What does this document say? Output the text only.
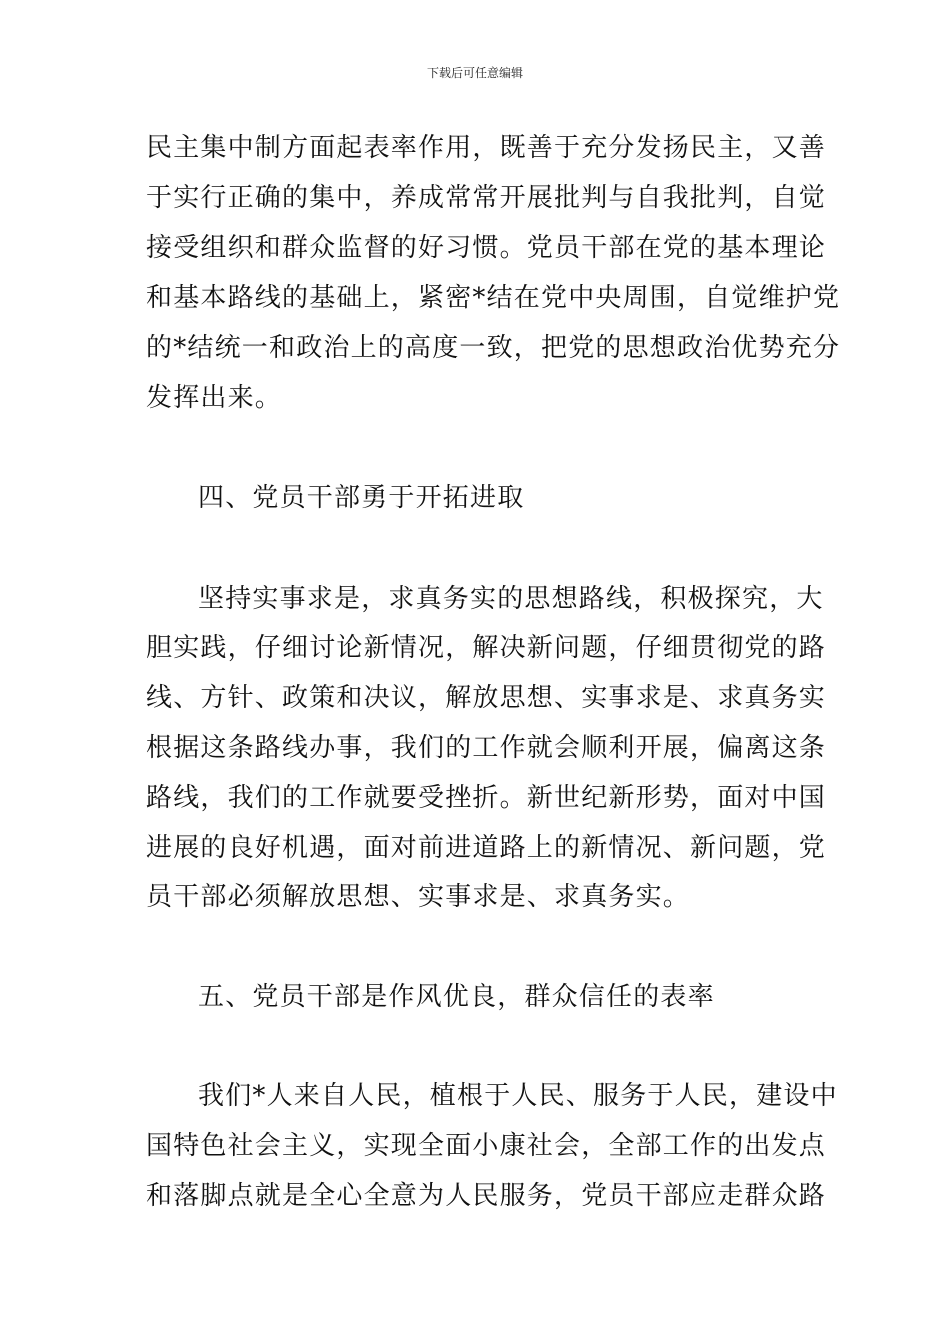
下载后可任意编辑
民主集中制方面起表率作用，既善于充分发扬民主，又善
于实行正确的集中，养成常常开展批判与自我批判，自觉
接受组织和群众监督的好习惯。党员干部在党的基本理论
和基本路线的基础上，紧密*结在党中央周围，自觉维护党
的*结统一和政治上的高度一致，把党的思想政治优势充分
发挥出来。
四、党员干部勇于开拓进取
坚持实事求是，求真务实的思想路线，积极探究，大
胆实践，仔细讨论新情况，解决新问题，仔细贯彻党的路
线、方针、政策和决议，解放思想、实事求是、求真务实
根据这条路线办事，我们的工作就会顺利开展，偏离这条
路线，我们的工作就要受挫折。新世纪新形势，面对中国
进展的良好机遇，面对前进道路上的新情况、新问题，党
员干部必须解放思想、实事求是、求真务实。
五、党员干部是作风优良，群众信任的表率
我们*人来自人民，植根于人民、服务于人民，建设中
国特色社会主义，实现全面小康社会，全部工作的出发点
和落脚点就是全心全意为人民服务，党员干部应走群众路
